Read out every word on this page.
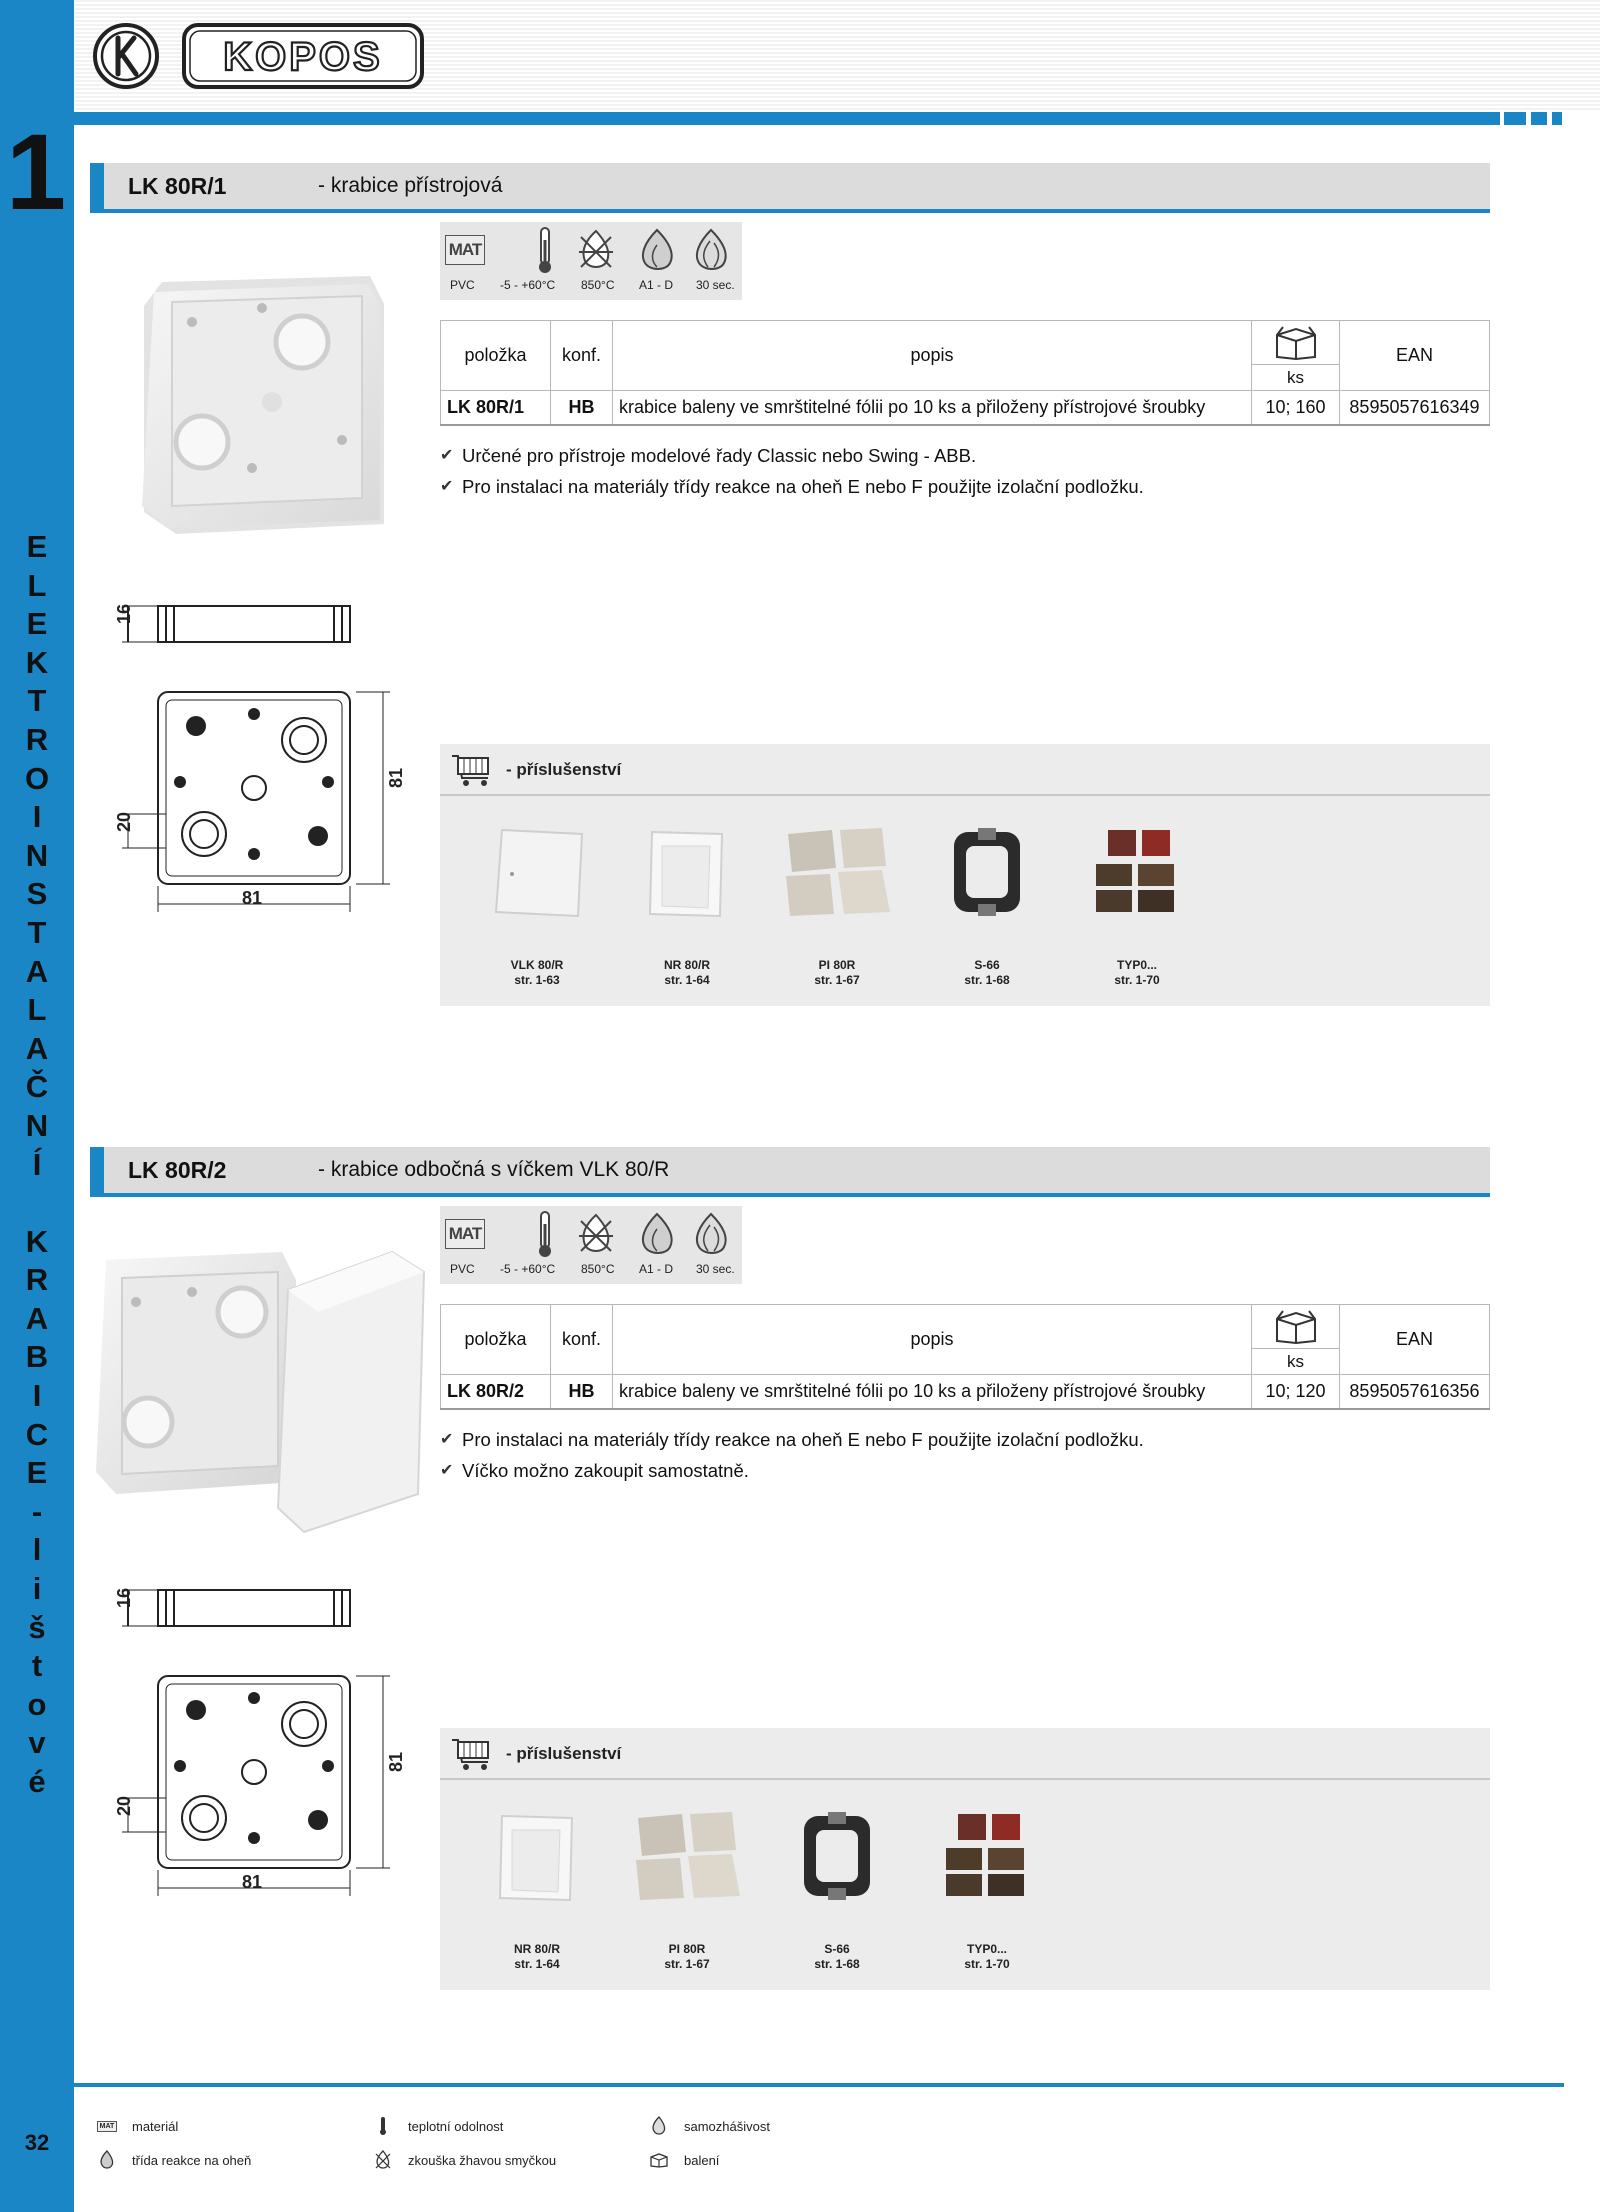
1
E
L
E
K
T
R
O
I
N
S
T
A
L
A
Č
N
Í
K
R
A
B
I
C
E
-
l
i
š
t
o
v
é
32
KOPOS
LK 80R/1	- krabice přístrojová
MAT
PVC -5 - +60°C 850°C A1 - D 30 sec.
položka	konf.	popis	ks	EAN
LK 80R/1	HB	krabice baleny ve smrštitelné fólii po 10 ks a přiloženy přístrojové šroubky	10; 160	8595057616349
✔ Určené pro přístroje modelové řady Classic nebo Swing - ABB.
✔ Pro instalaci na materiály třídy reakce na oheň E nebo F použijte izolační podložku.
16
81
81
20
- příslušenství
VLK 80/R
str. 1-63
NR 80/R
str. 1-64
PI 80R
str. 1-67
S-66
str. 1-68
TYP0...
str. 1-70
LK 80R/2	- krabice odbočná s víčkem VLK 80/R
MAT
PVC -5 - +60°C 850°C A1 - D 30 sec.
položka	konf.	popis	ks	EAN
LK 80R/2	HB	krabice baleny ve smrštitelné fólii po 10 ks a přiloženy přístrojové šroubky	10; 120	8595057616356
✔ Pro instalaci na materiály třídy reakce na oheň E nebo F použijte izolační podložku.
✔ Víčko možno zakoupit samostatně.
16
81
81
20
- příslušenství
NR 80/R
str. 1-64
PI 80R
str. 1-67
S-66
str. 1-68
TYP0...
str. 1-70
MAT materiál	teplotní odolnost	samozhášivost
třída reakce na oheň	zkouška žhavou smyčkou	balení
